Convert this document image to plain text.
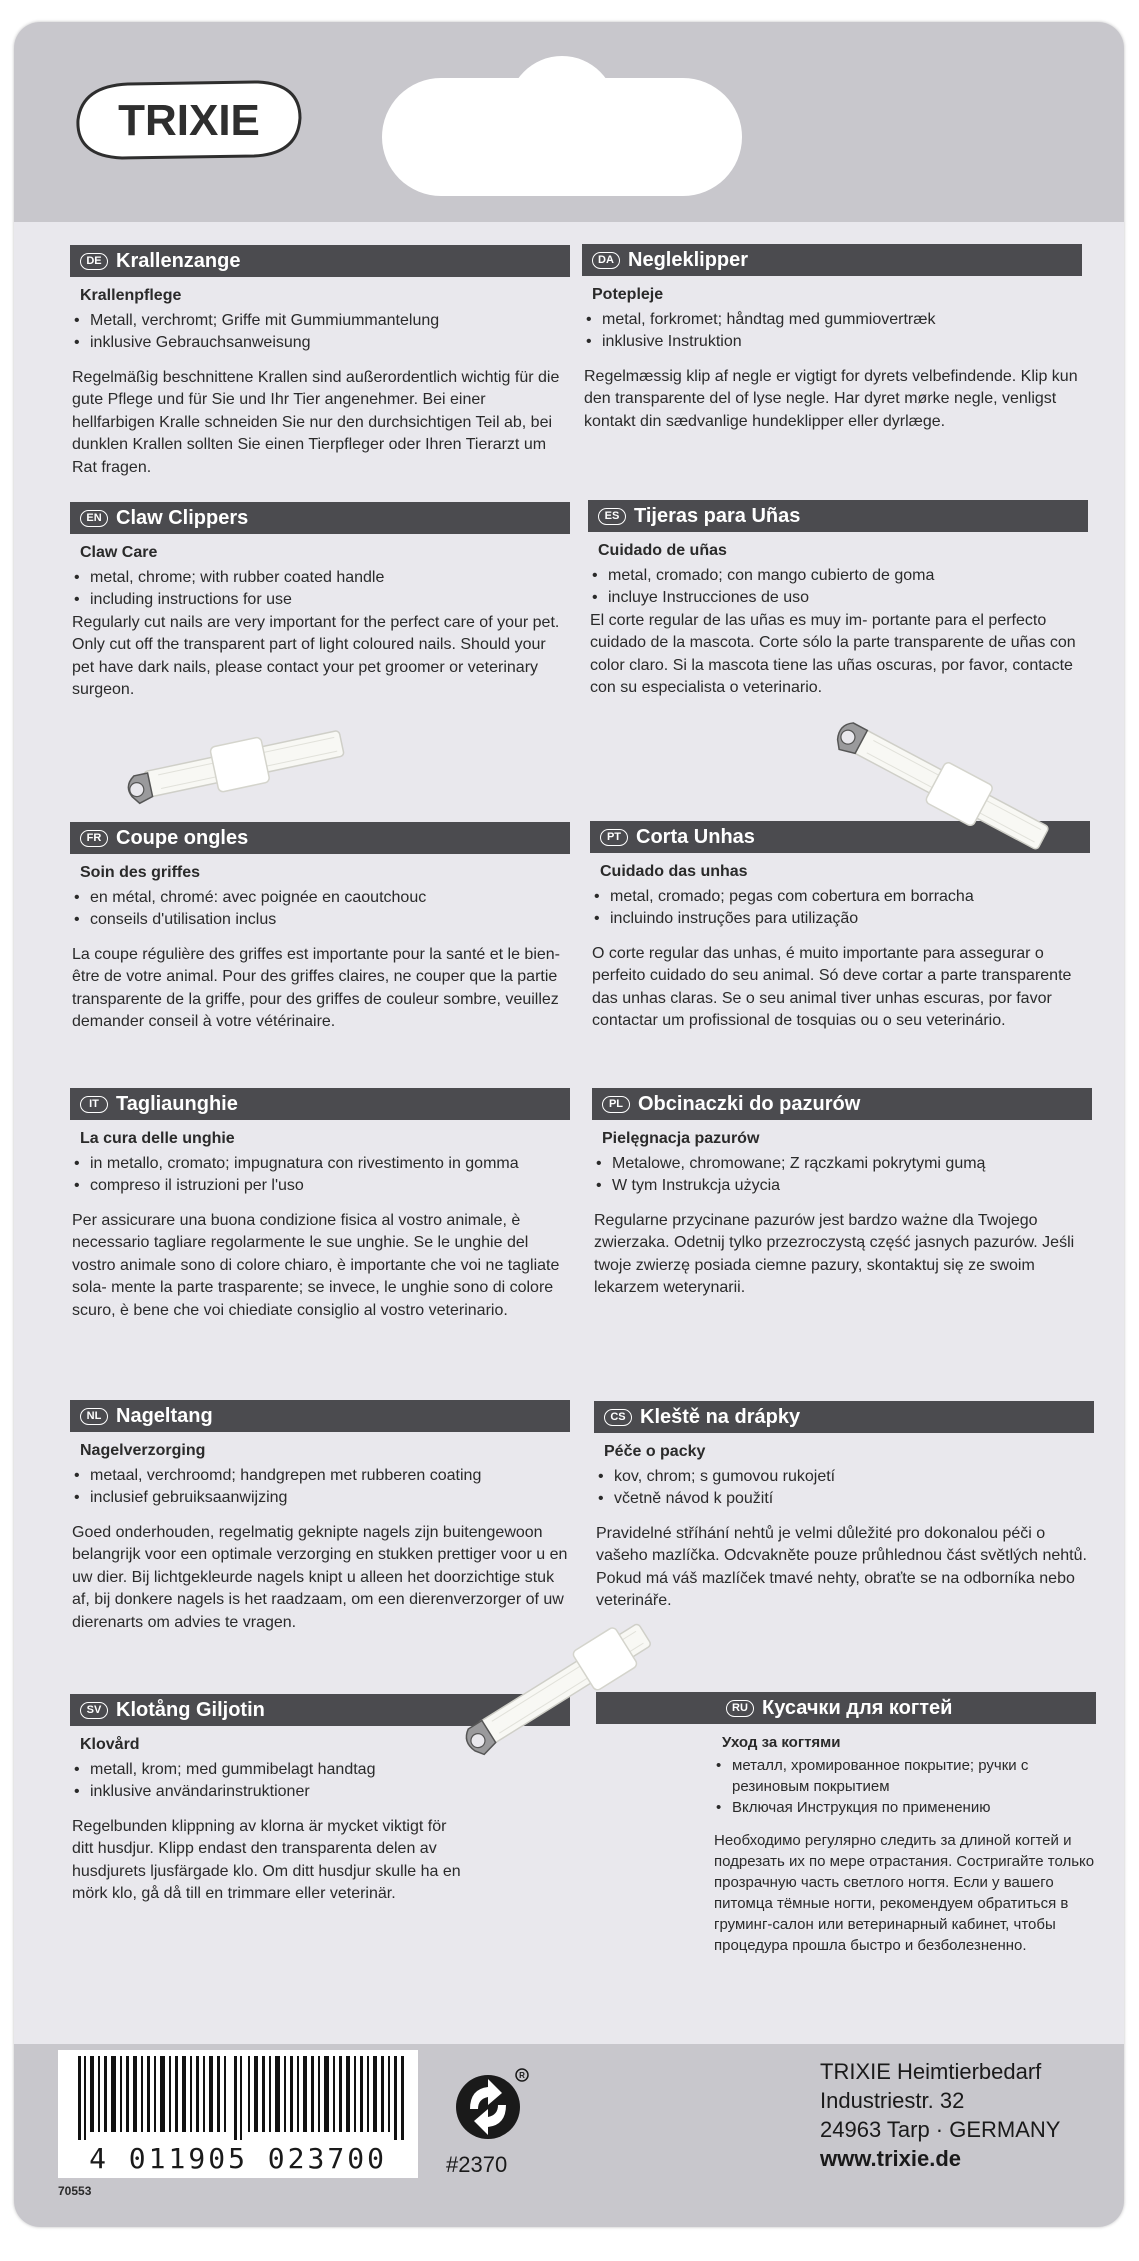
TRIXIE
DE Krallenzange
Krallenpflege
• Metall, verchromt; Griffe mit Gummiummantelung
• inklusive Gebrauchsanweisung
Regelmäßig beschnittene Krallen sind außerordentlich wichtig für die gute Pflege und für Sie und Ihr Tier angenehmer. Bei einer hellfarbigen Kralle schneiden Sie nur den durchsichtigen Teil ab, bei dunklen Krallen sollten Sie einen Tierpfleger oder Ihren Tierarzt um Rat fragen.
EN Claw Clippers
Claw Care
• metal, chrome; with rubber coated handle
• including instructions for use
Regularly cut nails are very important for the perfect care of your pet. Only cut off the transparent part of light coloured nails. Should your pet have dark nails, please contact your pet groomer or veterinary surgeon.
FR Coupe ongles
Soin des griffes
• en métal, chromé: avec poignée en caoutchouc
• conseils d'utilisation inclus
La coupe régulière des griffes est importante pour la santé et le bien-être de votre animal. Pour des griffes claires, ne couper que la partie transparente de la griffe, pour des griffes de couleur sombre, veuillez demander conseil à votre vétérinaire.
IT Tagliaunghie
La cura delle unghie
• in metallo, cromato; impugnatura con rivestimento in gomma
• compreso il istruzioni per l'uso
Per assicurare una buona condizione fisica al vostro animale, è necessario tagliare regolarmente le sue unghie. Se le unghie del vostro animale sono di colore chiaro, è importante che voi ne tagliate sola- mente la parte trasparente; se invece, le unghie sono di colore scuro, è bene che voi chiediate consiglio al vostro veterinario.
NL Nageltang
Nagelverzorging
• metaal, verchroomd; handgrepen met rubberen coating
• inclusief gebruiksaanwijzing
Goed onderhouden, regelmatig geknipte nagels zijn buitengewoon belangrijk voor een optimale verzorging en stukken prettiger voor u en uw dier. Bij lichtgekleurde nagels knipt u alleen het doorzichtige stuk af, bij donkere nagels is het raadzaam, om een dierenverzorger of uw dierenarts om advies te vragen.
SV Klotång Giljotin
Klovård
• metall, krom; med gummibelagt handtag
• inklusive användarinstruktioner
Regelbunden klippning av klorna är mycket viktigt för ditt husdjur. Klipp endast den transparenta delen av husdjurets ljusfärgade klo. Om ditt husdjur skulle ha en mörk klo, gå då till en trimmare eller veterinär.
DA Negleklipper
Potepleje
• metal, forkromet; håndtag med gummiovertræk
• inklusive Instruktion
Regelmæssig klip af negle er vigtigt for dyrets velbefindende. Klip kun den transparente del of lyse negle. Har dyret mørke negle, venligst kontakt din sædvanlige hundeklipper eller dyrlæge.
ES Tijeras para Uñas
Cuidado de uñas
• metal, cromado; con mango cubierto de goma
• incluye Instrucciones de uso
El corte regular de las uñas es muy im- portante para el perfecto cuidado de la mascota. Corte sólo la parte transparente de uñas con color claro. Si la mascota tiene las uñas oscuras, por favor, contacte con su especialista o veterinario.
PT Corta Unhas
Cuidado das unhas
• metal, cromado; pegas com cobertura em borracha
• incluindo instruções para utilização
O corte regular das unhas, é muito importante para assegurar o perfeito cuidado do seu animal. Só deve cortar a parte transparente das unhas claras. Se o seu animal tiver unhas escuras, por favor contactar um profissional de tosquias ou o seu veterinário.
PL Obcinaczki do pazurów
Pielęgnacja pazurów
• Metalowe, chromowane; Z rączkami pokrytymi gumą
• W tym Instrukcja użycia
Regularne przycinane pazurów jest bardzo ważne dla Twojego zwierzaka. Odetnij tylko przezroczystą część jasnych pazurów. Jeśli twoje zwierzę posiada ciemne pazury, skontaktuj się ze swoim lekarzem weterynarii.
CS Kleště na drápky
Péče o packy
• kov, chrom; s gumovou rukojetí
• včetně návod k použití
Pravidelné stříhání nehtů je velmi důležité pro dokonalou péči o vašeho mazlíčka. Odcvakněte pouze průhlednou část světlých nehtů. Pokud má váš mazlíček tmavé nehty, obraťte se na odborníka nebo veterináře.
RU Кусачки для когтей
Уход за когтями
• металл, хромированное покрытие; ручки с резиновым покрытием
• Включая Инструкция по применению
Необходимо регулярно следить за длиной когтей и подрезать их по мере отрастания. Состригайте только прозрачную часть светлого ногтя. Если у вашего питомца тёмные ногти, рекомендуем обратиться в груминг-салон или ветеринарный кабинет, чтобы процедура прошла быстро и безболезненно.
4 011905 023700
70553
R
#2370
TRIXIE Heimtierbedarf
Industriestr. 32
24963 Tarp · GERMANY
www.trixie.de
